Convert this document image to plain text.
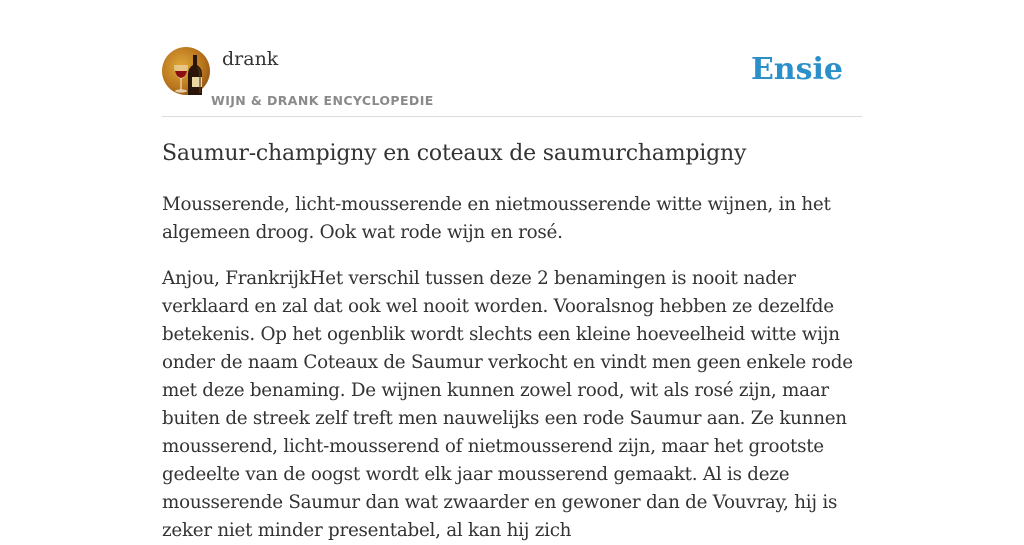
drank
WIJN & DRANK ENCYCLOPEDIE
Ensie
Saumur-champigny en coteaux de saumurchampigny

Mousserende, licht-mousserende en nietmousserende witte wijnen, in het algemeen droog. Ook wat rode wijn en rosé.

Anjou, FrankrijkHet verschil tussen deze 2 benamingen is nooit nader verklaard en zal dat ook wel nooit worden. Vooralsnog hebben ze dezelfde betekenis. Op het ogenblik wordt slechts een kleine hoeveelheid witte wijn onder de naam Coteaux de Saumur verkocht en vindt men geen enkele rode met deze benaming. De wijnen kunnen zowel rood, wit als rosé zijn, maar buiten de streek zelf treft men nauwelijks een rode Saumur aan. Ze kunnen mousserend, licht-mousserend of nietmousserend zijn, maar het grootste gedeelte van de oogst wordt elk jaar mousserend gemaakt. Al is deze mousserende Saumur dan wat zwaarder en gewoner dan de Vouvray, hij is zeker niet minder presentabel, al kan hij zich
